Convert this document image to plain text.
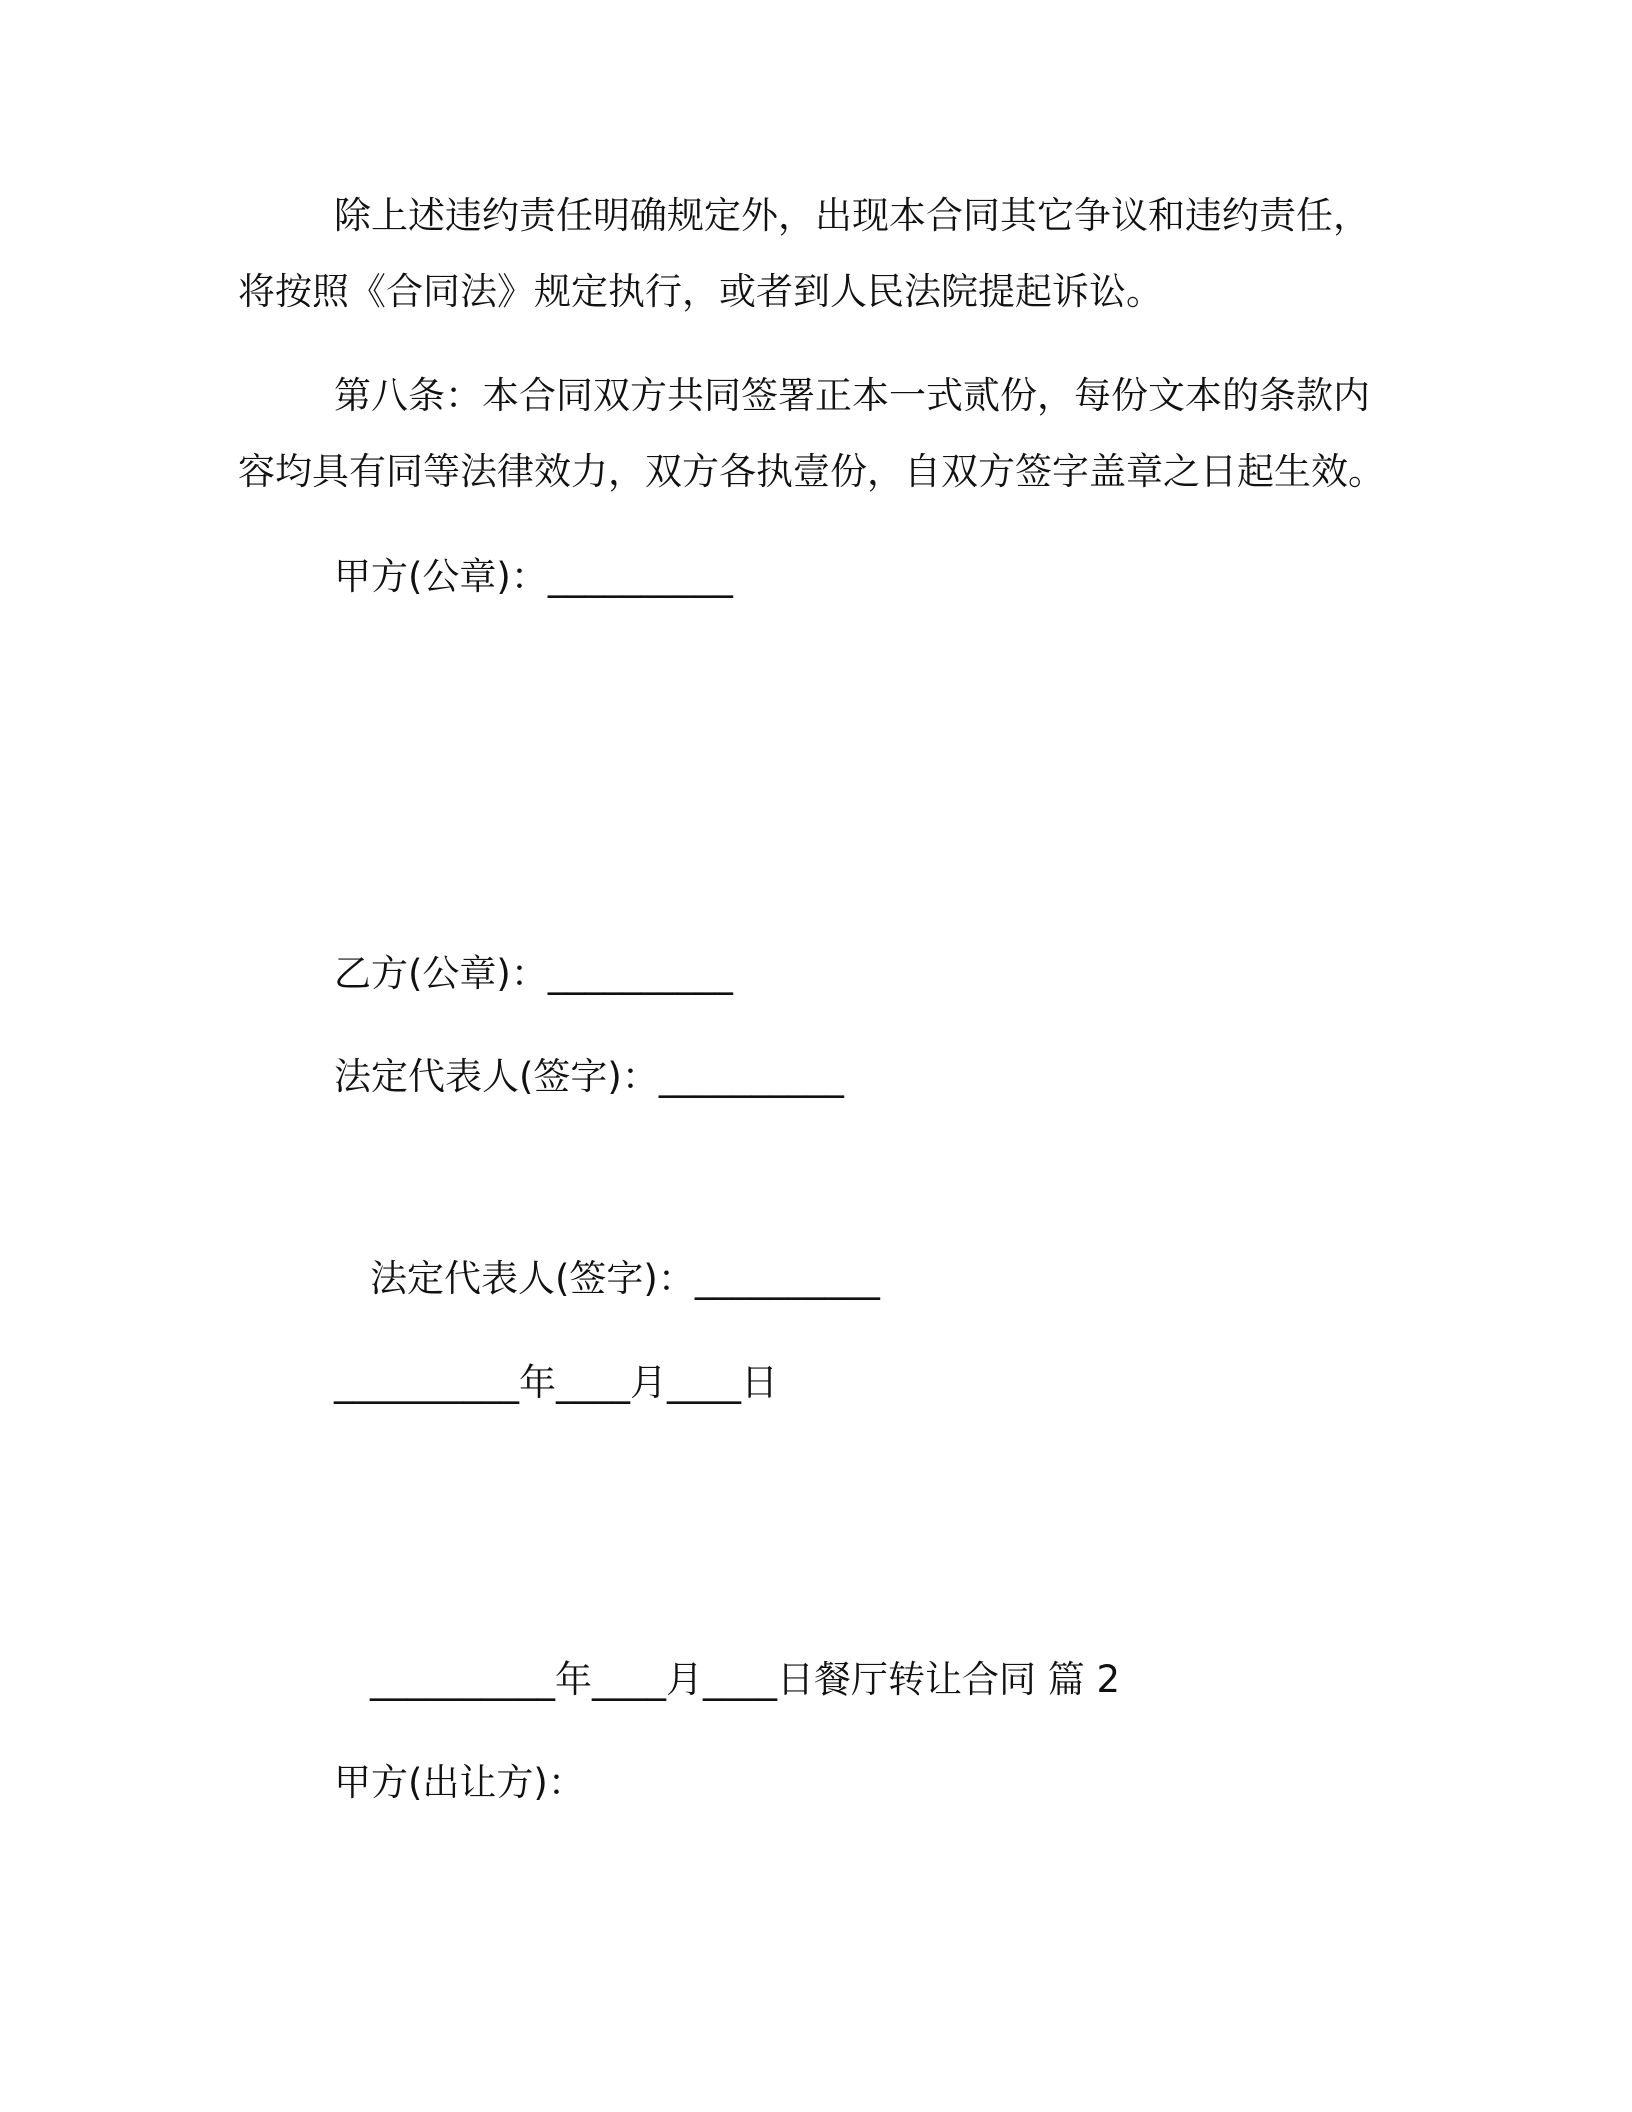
除上述违约责任明确规定外，出现本合同其它争议和违约责任，
将按照《合同法》规定执行，或者到人民法院提起诉讼。
第八条：本合同双方共同签署正本一式贰份，每份文本的条款内
容均具有同等法律效力，双方各执壹份，自双方签字盖章之日起生效。
甲方(公章)：__________
乙方(公章)：__________
法定代表人(签字)：__________
法定代表人(签字)：__________
__________年____月____日
__________年____月____日餐厅转让合同 篇 2
甲方(出让方)：
